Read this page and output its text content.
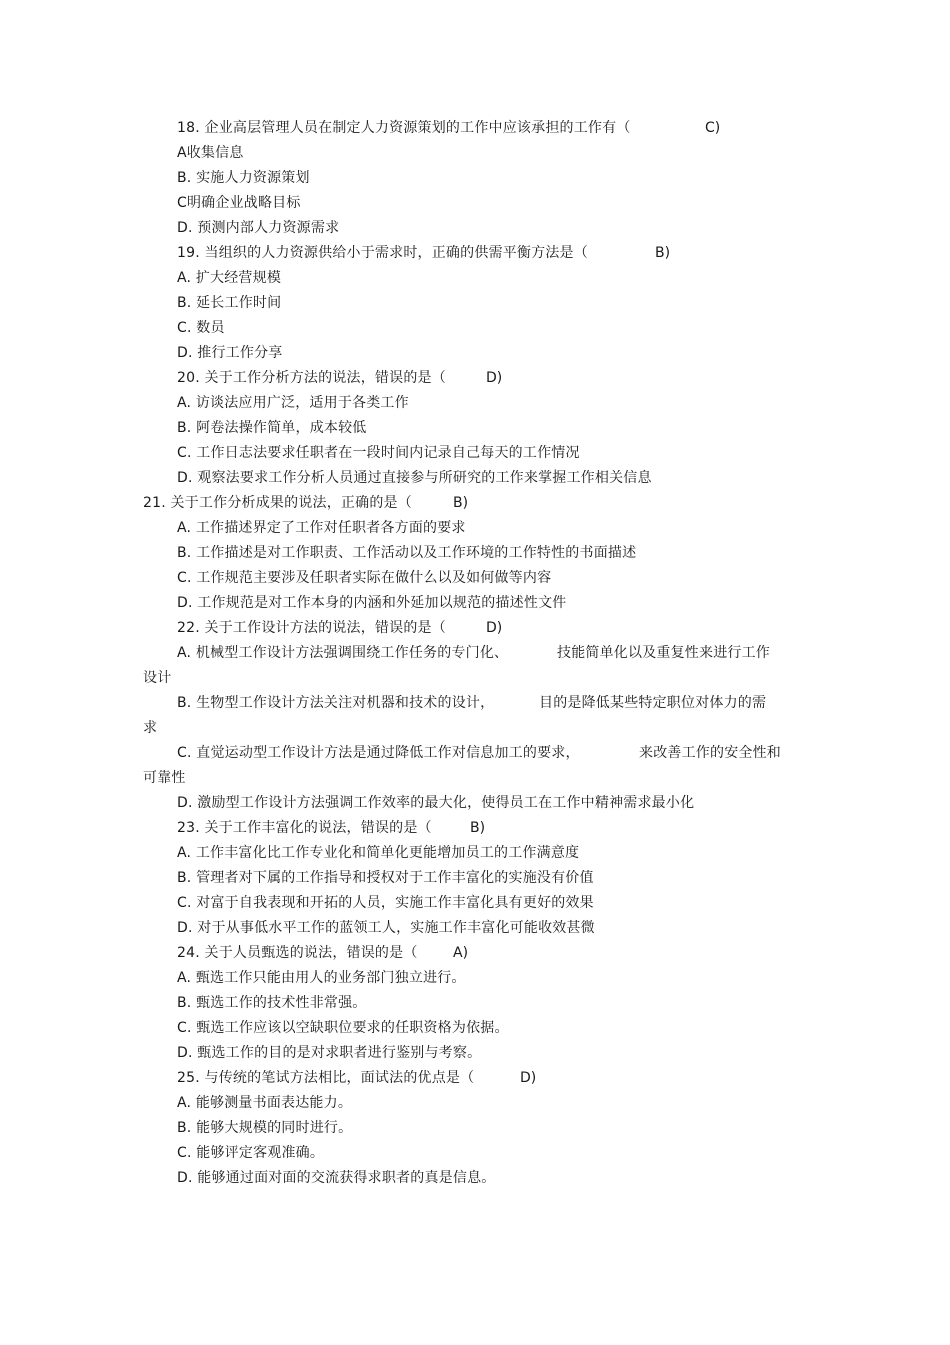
18. 企业高层管理人员在制定人力资源策划的工作中应该承担的工作有（	C)
A收集信息
B. 实施人力资源策划
C明确企业战略目标
D. 预测内部人力资源需求
19. 当组织的人力资源供给小于需求时，正确的供需平衡方法是（	B)
A. 扩大经营规模
B. 延长工作时间
C. 数员
D. 推行工作分享
20. 关于工作分析方法的说法，错误的是（	D)
A. 访谈法应用广泛，适用于各类工作
B. 阿卷法操作简单，成本较低
C. 工作日志法要求任职者在一段时间内记录自己每天的工作情况
D. 观察法要求工作分析人员通过直接参与所研究的工作来掌握工作相关信息
21. 关于工作分析成果的说法，正确的是（	B)
A. 工作描述界定了工作对任职者各方面的要求
B. 工作描述是对工作职责、工作活动以及工作环境的工作特性的书面描述
C. 工作规范主要涉及任职者实际在做什么以及如何做等内容
D. 工作规范是对工作本身的内涵和外延加以规范的描述性文件
22. 关于工作设计方法的说法，错误的是（	D)
A. 机械型工作设计方法强调围绕工作任务的专门化、	技能简单化以及重复性来进行工作
设计
B. 生物型工作设计方法关注对机器和技术的设计，	目的是降低某些特定职位对体力的需
求
C. 直觉运动型工作设计方法是通过降低工作对信息加工的要求，	来改善工作的安全性和
可靠性
D. 激励型工作设计方法强调工作效率的最大化，使得员工在工作中精神需求最小化
23. 关于工作丰富化的说法，错误的是（	B)
A. 工作丰富化比工作专业化和简单化更能增加员工的工作满意度
B. 管理者对下属的工作指导和授权对于工作丰富化的实施没有价值
C. 对富于自我表现和开拓的人员，实施工作丰富化具有更好的效果
D. 对于从事低水平工作的蓝领工人，实施工作丰富化可能收效甚微
24. 关于人员甄选的说法，错误的是（	A)
A. 甄选工作只能由用人的业务部门独立进行。
B. 甄选工作的技术性非常强。
C. 甄选工作应该以空缺职位要求的任职资格为依据。
D. 甄选工作的目的是对求职者进行鉴别与考察。
25. 与传统的笔试方法相比，面试法的优点是（	D)
A. 能够测量书面表达能力。
B. 能够大规模的同时进行。
C. 能够评定客观准确。
D. 能够通过面对面的交流获得求职者的真是信息。
